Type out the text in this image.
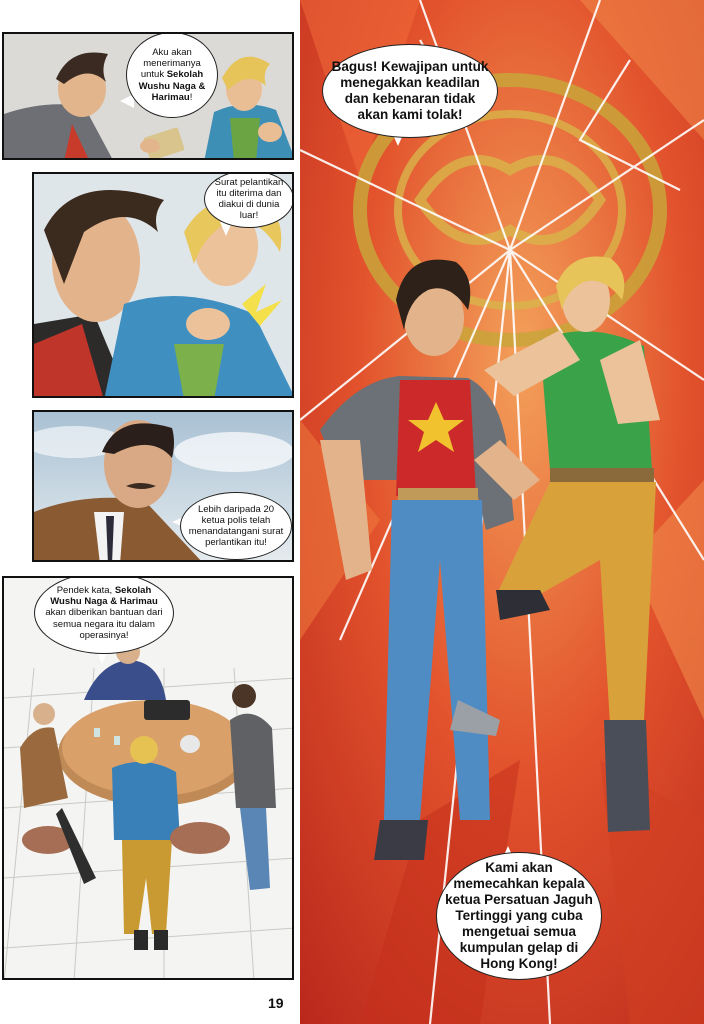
Aku akan menerimanya untuk Sekolah Wushu Naga & Harimau!
Surat pelantikan itu diterima dan diakui di dunia luar!
Lebih daripada 20 ketua polis telah menandatangani surat perlantikan itu!
Pendek kata, Sekolah Wushu Naga & Harimau akan diberikan bantuan dari semua negara itu dalam operasinya!
19
Bagus! Kewajipan untuk menegakkan keadilan dan kebenaran tidak akan kami tolak!
Kami akan memecahkan kepala ketua Persatuan Jaguh Tertinggi yang cuba mengetuai semua kumpulan gelap di Hong Kong!
